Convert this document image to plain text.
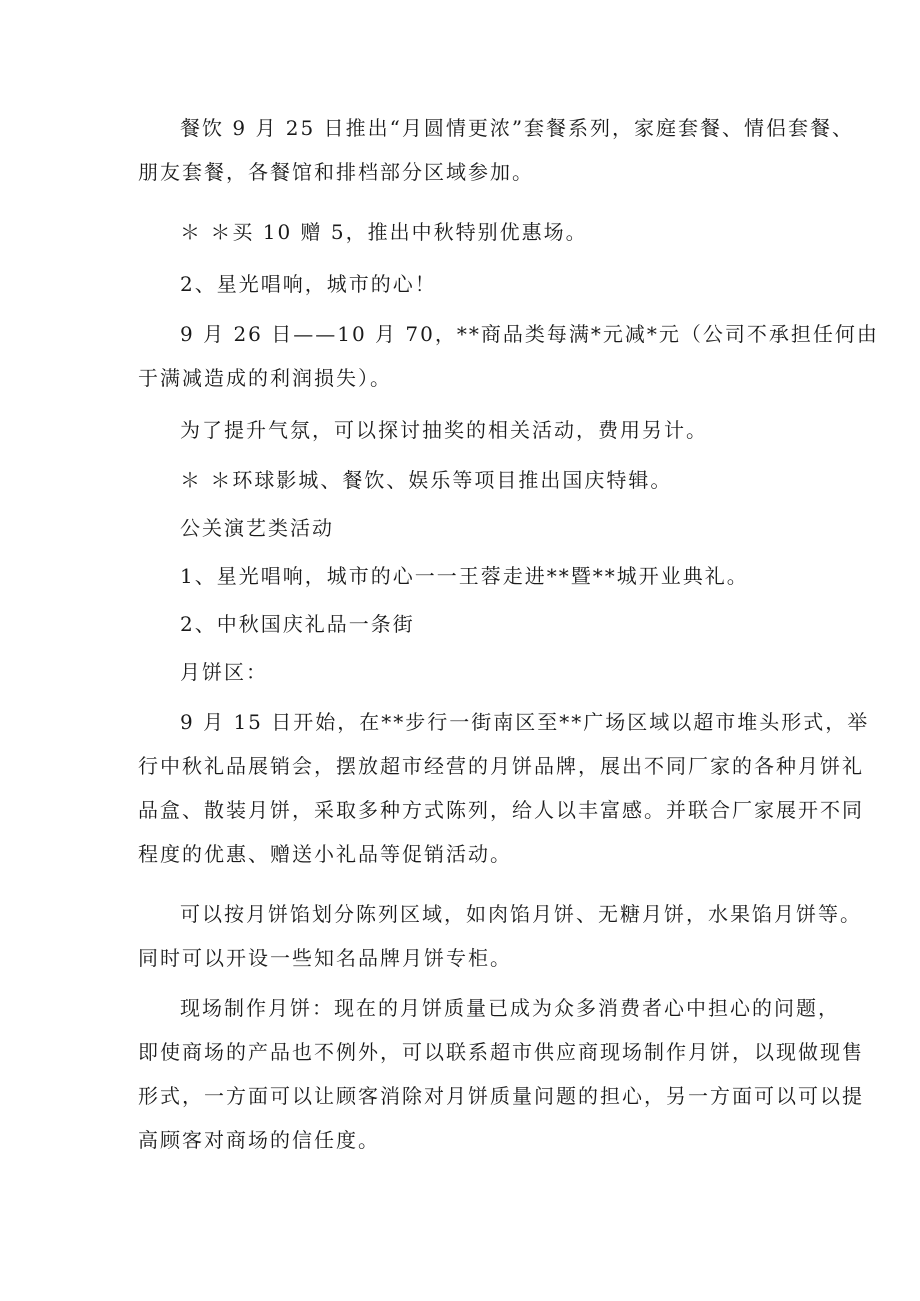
餐饮 9 月 25 日推出“月圆情更浓”套餐系列，家庭套餐、情侣套餐、
朋友套餐，各餐馆和排档部分区域参加。
＊ ＊买 10 赠 5，推出中秋特别优惠场。
2、星光唱响，城市的心！
9 月 26 日——10 月 70，**商品类每满*元减*元（公司不承担任何由
于满减造成的利润损失）。
为了提升气氛，可以探讨抽奖的相关活动，费用另计。
＊ ＊环球影城、餐饮、娱乐等项目推出国庆特辑。
公关演艺类活动
1、星光唱响，城市的心一一王蓉走进**暨**城开业典礼。
2、中秋国庆礼品一条街
月饼区：
9 月 15 日开始，在**步行一街南区至**广场区域以超市堆头形式，举
行中秋礼品展销会，摆放超市经营的月饼品牌，展出不同厂家的各种月饼礼
品盒、散装月饼，采取多种方式陈列，给人以丰富感。并联合厂家展开不同
程度的优惠、赠送小礼品等促销活动。
可以按月饼馅划分陈列区域，如肉馅月饼、无糖月饼，水果馅月饼等。
同时可以开设一些知名品牌月饼专柜。
现场制作月饼：现在的月饼质量已成为众多消费者心中担心的问题，
即使商场的产品也不例外，可以联系超市供应商现场制作月饼，以现做现售
形式，一方面可以让顾客消除对月饼质量问题的担心，另一方面可以可以提
高顾客对商场的信任度。
